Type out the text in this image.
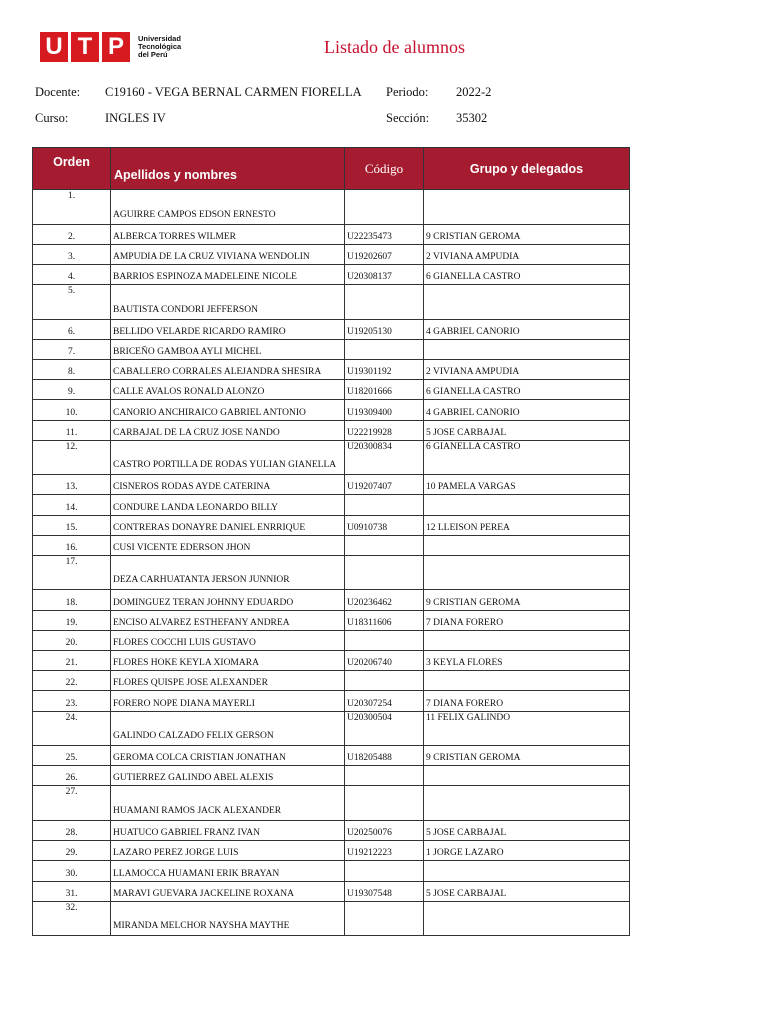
U T P	Universidad
Tecnológica
del Perú	Listado de alumnos
Docente: C19160 - VEGA BERNAL CARMEN FIORELLA Periodo: 2022-2
Curso:	INGLES IV	Sección: 35302
Orden	Apellidos y nombres	Código	Grupo y delegados
1.	AGUIRRE CAMPOS EDSON ERNESTO		
2.	ALBERCA TORRES WILMER	U22235473	9 CRISTIAN GEROMA
3.	AMPUDIA DE LA CRUZ VIVIANA WENDOLIN	U19202607	2 VIVIANA AMPUDIA
4.	BARRIOS ESPINOZA MADELEINE NICOLE	U20308137	6 GIANELLA CASTRO
5.	BAUTISTA CONDORI JEFFERSON		
6.	BELLIDO VELARDE RICARDO RAMIRO	U19205130	4 GABRIEL CANORIO
7.	BRICEÑO GAMBOA AYLI MICHEL		
8.	CABALLERO CORRALES ALEJANDRA SHESIRA	U19301192	2 VIVIANA AMPUDIA
9.	CALLE AVALOS RONALD ALONZO	U18201666	6 GIANELLA CASTRO
10.	CANORIO ANCHIRAICO GABRIEL ANTONIO	U19309400	4 GABRIEL CANORIO
11.	CARBAJAL DE LA CRUZ JOSE NANDO	U22219928	5 JOSE CARBAJAL
12.	CASTRO PORTILLA DE RODAS YULIAN GIANELLA	U20300834	6 GIANELLA CASTRO
13.	CISNEROS RODAS AYDE CATERINA	U19207407	10 PAMELA VARGAS
14.	CONDURE LANDA LEONARDO BILLY		
15.	CONTRERAS DONAYRE DANIEL ENRRIQUE	U0910738	12 LLEISON PEREA
16.	CUSI VICENTE EDERSON JHON		
17.	DEZA CARHUATANTA JERSON JUNNIOR		
18.	DOMINGUEZ TERAN JOHNNY EDUARDO	U20236462	9 CRISTIAN GEROMA
19.	ENCISO ALVAREZ ESTHEFANY ANDREA	U18311606	7 DIANA FORERO
20.	FLORES COCCHI LUIS GUSTAVO		
21.	FLORES HOKE KEYLA XIOMARA	U20206740	3 KEYLA FLORES
22.	FLORES QUISPE JOSE ALEXANDER		
23.	FORERO NOPE DIANA MAYERLI	U20307254	7 DIANA FORERO
24.	GALINDO CALZADO FELIX GERSON	U20300504	11 FELIX GALINDO
25.	GEROMA COLCA CRISTIAN JONATHAN	U18205488	9 CRISTIAN GEROMA
26.	GUTIERREZ GALINDO ABEL ALEXIS		
27.	HUAMANI RAMOS JACK ALEXANDER		
28.	HUATUCO GABRIEL FRANZ IVAN	U20250076	5 JOSE CARBAJAL
29.	LAZARO PEREZ JORGE LUIS	U19212223	1 JORGE LAZARO
30.	LLAMOCCA HUAMANI ERIK BRAYAN		
31.	MARAVI GUEVARA JACKELINE ROXANA	U19307548	5 JOSE CARBAJAL
32.	MIRANDA MELCHOR NAYSHA MAYTHE		
